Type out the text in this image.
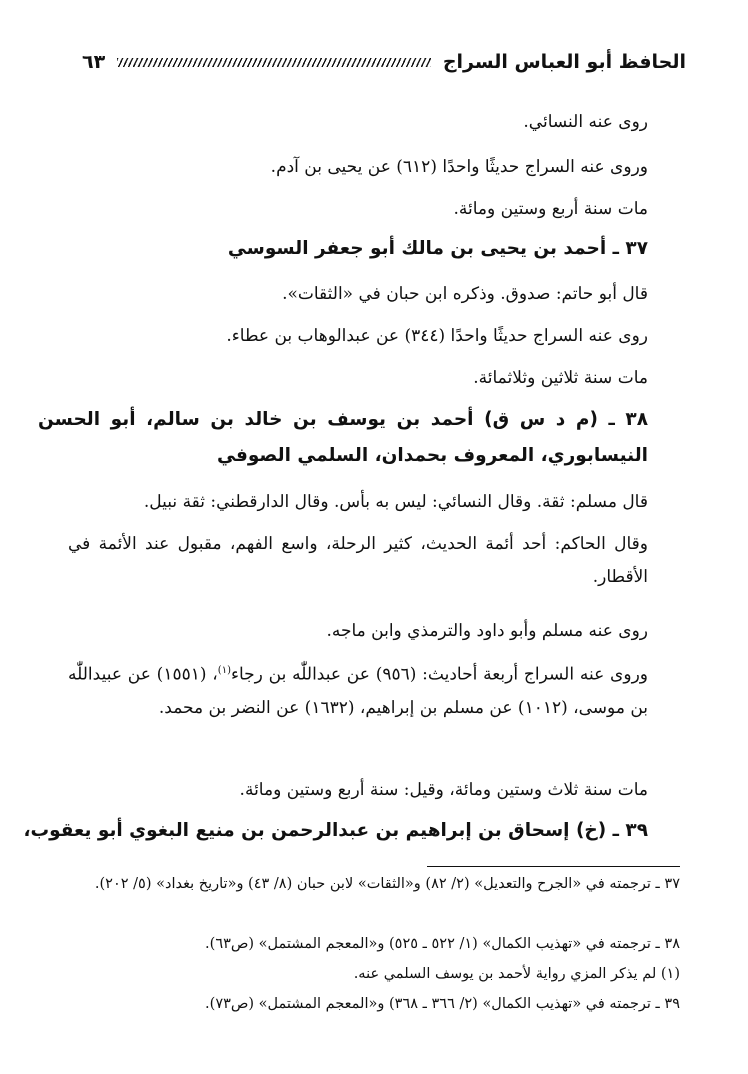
الحافظ أبو العباس السراج
٦٣
روى عنه النسائي.
وروى عنه السراج حديثًا واحدًا (٦١٢) عن يحيى بن آدم.
مات سنة أربع وستين ومائة.
٣٧ ـ أحمد بن يحيى بن مالك أبو جعفر السوسي
قال أبو حاتم: صدوق. وذكره ابن حبان في «الثقات».
روى عنه السراج حديثًا واحدًا (٣٤٤) عن عبدالوهاب بن عطاء.
مات سنة ثلاثين وثلاثمائة.
٣٨ ـ (م د س ق) أحمد بن يوسف بن خالد بن سالم، أبو الحسن النيسابوري، المعروف بحمدان، السلمي الصوفي
قال مسلم: ثقة. وقال النسائي: ليس به بأس. وقال الدارقطني: ثقة نبيل.
وقال الحاكم: أحد أئمة الحديث، كثير الرحلة، واسع الفهم، مقبول عند الأئمة في الأقطار.
روى عنه مسلم وأبو داود والترمذي وابن ماجه.
وروى عنه السراج أربعة أحاديث: (٩٥٦) عن عبداللّٰه بن رجاء$^{(١)}$، (١٥٥١) عن عبيداللّٰه بن موسى، (١٠١٢) عن مسلم بن إبراهيم، (١٦٣٢) عن النضر بن محمد.
مات سنة ثلاث وستين ومائة، وقيل: سنة أربع وستين ومائة.
٣٩ ـ (خ) إسحاق بن إبراهيم بن عبدالرحمن بن منيع البغوي أبو يعقوب،
٣٧ ـ ترجمته في «الجرح والتعديل» (٢/ ٨٢) و«الثقات» لابن حبان (٨/ ٤٣) و«تاريخ بغداد» (٥/ ٢٠٢).
٣٨ ـ ترجمته في «تهذيب الكمال» (١/ ٥٢٢ ـ ٥٢٥) و«المعجم المشتمل» (ص٦٣).
(١) لم يذكر المزي رواية لأحمد بن يوسف السلمي عنه.
٣٩ ـ ترجمته في «تهذيب الكمال» (٢/ ٣٦٦ ـ ٣٦٨) و«المعجم المشتمل» (ص٧٣).
